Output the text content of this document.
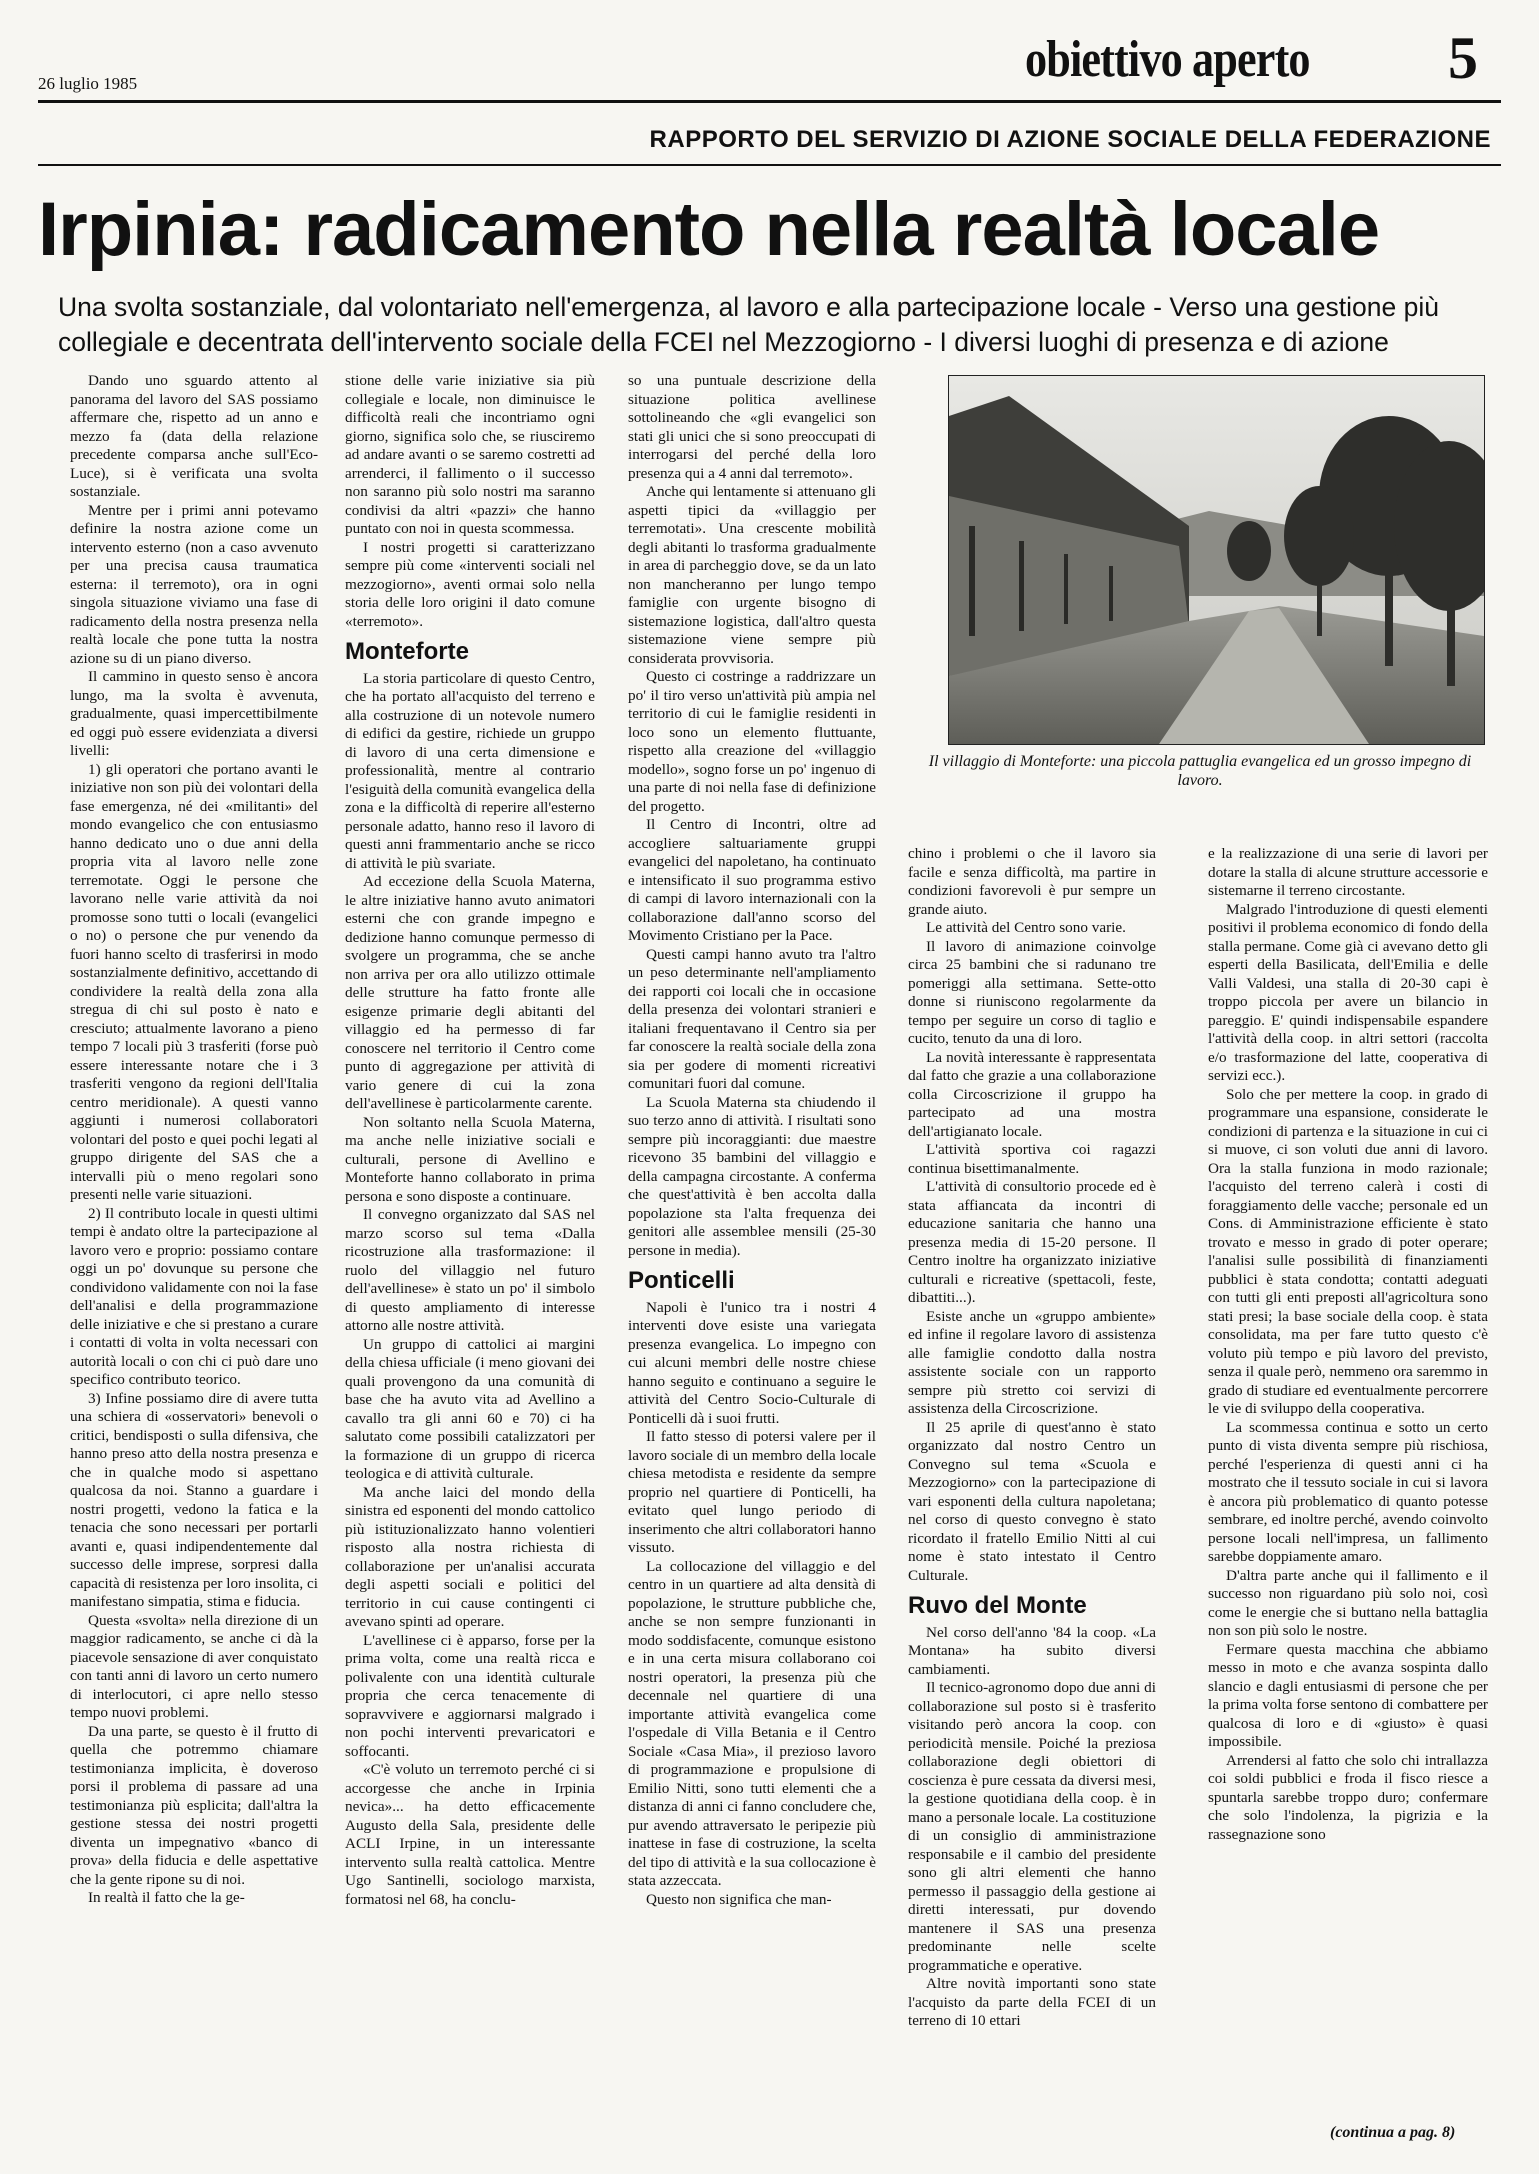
26 luglio 1985	obiettivo aperto 5
RAPPORTO DEL SERVIZIO DI AZIONE SOCIALE DELLA FEDERAZIONE
Irpinia: radicamento nella realtà locale
Una svolta sostanziale, dal volontariato nell'emergenza, al lavoro e alla partecipazione locale - Verso una gestione più collegiale e decentrata dell'intervento sociale della FCEI nel Mezzogiorno - I diversi luoghi di presenza e di azione

Dando uno sguardo attento al panorama del lavoro del SAS possiamo affermare che, rispetto ad un anno e mezzo fa (data della relazione precedente comparsa anche sull'Eco-Luce), si è verificata una svolta sostanziale.

Mentre per i primi anni potevamo definire la nostra azione come un intervento esterno (non a caso avvenuto per una precisa causa traumatica esterna: il terremoto), ora in ogni singola situazione viviamo una fase di radicamento della nostra presenza nella realtà locale che pone tutta la nostra azione su di un piano diverso.

Il cammino in questo senso è ancora lungo, ma la svolta è avvenuta, gradualmente, quasi impercettibilmente ed oggi può essere evidenziata a diversi livelli:

1) gli operatori che portano avanti le iniziative non son più dei volontari della fase emergenza, né dei «militanti» del mondo evangelico che con entusiasmo hanno dedicato uno o due anni della propria vita al lavoro nelle zone terremotate. Oggi le persone che lavorano nelle varie attività da noi promosse sono tutti o locali (evangelici o no) o persone che pur venendo da fuori hanno scelto di trasferirsi in modo sostanzialmente definitivo, accettando di condividere la realtà della zona alla stregua di chi sul posto è nato e cresciuto; attualmente lavorano a pieno tempo 7 locali più 3 trasferiti (forse può essere interessante notare che i 3 trasferiti vengono da regioni dell'Italia centro meridionale). A questi vanno aggiunti i numerosi collaboratori volontari del posto e quei pochi legati al gruppo dirigente del SAS che a intervalli più o meno regolari sono presenti nelle varie situazioni.

2) Il contributo locale in questi ultimi tempi è andato oltre la partecipazione al lavoro vero e proprio: possiamo contare oggi un po' dovunque su persone che condividono validamente con noi la fase dell'analisi e della programmazione delle iniziative e che si prestano a curare i contatti di volta in volta necessari con autorità locali o con chi ci può dare uno specifico contributo teorico.

3) Infine possiamo dire di avere tutta una schiera di «osservatori» benevoli o critici, bendisposti o sulla difensiva, che hanno preso atto della nostra presenza e che in qualche modo si aspettano qualcosa da noi. Stanno a guardare i nostri progetti, vedono la fatica e la tenacia che sono necessari per portarli avanti e, quasi indipendentemente dal successo delle imprese, sorpresi dalla capacità di resistenza per loro insolita, ci manifestano simpatia, stima e fiducia.

Questa «svolta» nella direzione di un maggior radicamento, se anche ci dà la piacevole sensazione di aver conquistato con tanti anni di lavoro un certo numero di interlocutori, ci apre nello stesso tempo nuovi problemi.

Da una parte, se questo è il frutto di quella che potremmo chiamare testimonianza implicita, è doveroso porsi il problema di passare ad una testimonianza più esplicita; dall'altra la gestione stessa dei nostri progetti diventa un impegnativo «banco di prova» della fiducia e delle aspettative che la gente ripone su di noi.

In realtà il fatto che la ge-

stione delle varie iniziative sia più collegiale e locale, non diminuisce le difficoltà reali che incontriamo ogni giorno, significa solo che, se riusciremo ad andare avanti o se saremo costretti ad arrenderci, il fallimento o il successo non saranno più solo nostri ma saranno condivisi da altri «pazzi» che hanno puntato con noi in questa scommessa.

I nostri progetti si caratterizzano sempre più come «interventi sociali nel mezzogiorno», aventi ormai solo nella storia delle loro origini il dato comune «terremoto».

Monteforte

La storia particolare di questo Centro, che ha portato all'acquisto del terreno e alla costruzione di un notevole numero di edifici da gestire, richiede un gruppo di lavoro di una certa dimensione e professionalità, mentre al contrario l'esiguità della comunità evangelica della zona e la difficoltà di reperire all'esterno personale adatto, hanno reso il lavoro di questi anni frammentario anche se ricco di attività le più svariate.

Ad eccezione della Scuola Materna, le altre iniziative hanno avuto animatori esterni che con grande impegno e dedizione hanno comunque permesso di svolgere un programma, che se anche non arriva per ora allo utilizzo ottimale delle strutture ha fatto fronte alle esigenze primarie degli abitanti del villaggio ed ha permesso di far conoscere nel territorio il Centro come punto di aggregazione per attività di vario genere di cui la zona dell'avellinese è particolarmente carente.

Non soltanto nella Scuola Materna, ma anche nelle iniziative sociali e culturali, persone di Avellino e Monteforte hanno collaborato in prima persona e sono disposte a continuare.

Il convegno organizzato dal SAS nel marzo scorso sul tema «Dalla ricostruzione alla trasformazione: il ruolo del villaggio nel futuro dell'avellinese» è stato un po' il simbolo di questo ampliamento di interesse attorno alle nostre attività.

Un gruppo di cattolici ai margini della chiesa ufficiale (i meno giovani dei quali provengono da una comunità di base che ha avuto vita ad Avellino a cavallo tra gli anni 60 e 70) ci ha salutato come possibili catalizzatori per la formazione di un gruppo di ricerca teologica e di attività culturale.

Ma anche laici del mondo della sinistra ed esponenti del mondo cattolico più istituzionalizzato hanno volentieri risposto alla nostra richiesta di collaborazione per un'analisi accurata degli aspetti sociali e politici del territorio in cui cause contingenti ci avevano spinti ad operare.

L'avellinese ci è apparso, forse per la prima volta, come una realtà ricca e polivalente con una identità culturale propria che cerca tenacemente di sopravvivere e aggiornarsi malgrado i non pochi interventi prevaricatori e soffocanti.

«C'è voluto un terremoto perché ci si accorgesse che anche in Irpinia nevica»... ha detto efficacemente Augusto della Sala, presidente delle ACLI Irpine, in un interessante intervento sulla realtà cattolica. Mentre Ugo Santinelli, sociologo marxista, formatosi nel 68, ha conclu-

so una puntuale descrizione della situazione politica avellinese sottolineando che «gli evangelici son stati gli unici che si sono preoccupati di interrogarsi del perché della loro presenza qui a 4 anni dal terremoto».

Anche qui lentamente si attenuano gli aspetti tipici da «villaggio per terremotati». Una crescente mobilità degli abitanti lo trasforma gradualmente in area di parcheggio dove, se da un lato non mancheranno per lungo tempo famiglie con urgente bisogno di sistemazione logistica, dall'altro questa sistemazione viene sempre più considerata provvisoria.

Questo ci costringe a raddrizzare un po' il tiro verso un'attività più ampia nel territorio di cui le famiglie residenti in loco sono un elemento fluttuante, rispetto alla creazione del «villaggio modello», sogno forse un po' ingenuo di una parte di noi nella fase di definizione del progetto.

Il Centro di Incontri, oltre ad accogliere saltuariamente gruppi evangelici del napoletano, ha continuato e intensificato il suo programma estivo di campi di lavoro internazionali con la collaborazione dall'anno scorso del Movimento Cristiano per la Pace.

Questi campi hanno avuto tra l'altro un peso determinante nell'ampliamento dei rapporti coi locali che in occasione della presenza dei volontari stranieri e italiani frequentavano il Centro sia per far conoscere la realtà sociale della zona sia per godere di momenti ricreativi comunitari fuori dal comune.

La Scuola Materna sta chiudendo il suo terzo anno di attività. I risultati sono sempre più incoraggianti: due maestre ricevono 35 bambini del villaggio e della campagna circostante. A conferma che quest'attività è ben accolta dalla popolazione sta l'alta frequenza dei genitori alle assemblee mensili (25-30 persone in media).

Ponticelli

Napoli è l'unico tra i nostri 4 interventi dove esiste una variegata presenza evangelica. Lo impegno con cui alcuni membri delle nostre chiese hanno seguito e continuano a seguire le attività del Centro Socio-Culturale di Ponticelli dà i suoi frutti.

Il fatto stesso di potersi valere per il lavoro sociale di un membro della locale chiesa metodista e residente da sempre proprio nel quartiere di Ponticelli, ha evitato quel lungo periodo di inserimento che altri collaboratori hanno vissuto.

La collocazione del villaggio e del centro in un quartiere ad alta densità di popolazione, le strutture pubbliche che, anche se non sempre funzionanti in modo soddisfacente, comunque esistono e in una certa misura collaborano coi nostri operatori, la presenza più che decennale nel quartiere di una importante attività evangelica come l'ospedale di Villa Betania e il Centro Sociale «Casa Mia», il prezioso lavoro di programmazione e propulsione di Emilio Nitti, sono tutti elementi che a distanza di anni ci fanno concludere che, pur avendo attraversato le peripezie più inattese in fase di costruzione, la scelta del tipo di attività e la sua collocazione è stata azzeccata.

Questo non significa che man-

Il villaggio di Monteforte: una piccola pattuglia evangelica ed un grosso impegno di lavoro.

chino i problemi o che il lavoro sia facile e senza difficoltà, ma partire in condizioni favorevoli è pur sempre un grande aiuto.

Le attività del Centro sono varie.

Il lavoro di animazione coinvolge circa 25 bambini che si radunano tre pomeriggi alla settimana. Sette-otto donne si riuniscono regolarmente da tempo per seguire un corso di taglio e cucito, tenuto da una di loro.

La novità interessante è rappresentata dal fatto che grazie a una collaborazione colla Circoscrizione il gruppo ha partecipato ad una mostra dell'artigianato locale.

L'attività sportiva coi ragazzi continua bisettimanalmente.

L'attività di consultorio procede ed è stata affiancata da incontri di educazione sanitaria che hanno una presenza media di 15-20 persone. Il Centro inoltre ha organizzato iniziative culturali e ricreative (spettacoli, feste, dibattiti...).

Esiste anche un «gruppo ambiente» ed infine il regolare lavoro di assistenza alle famiglie condotto dalla nostra assistente sociale con un rapporto sempre più stretto coi servizi di assistenza della Circoscrizione.

Il 25 aprile di quest'anno è stato organizzato dal nostro Centro un Convegno sul tema «Scuola e Mezzogiorno» con la partecipazione di vari esponenti della cultura napoletana; nel corso di questo convegno è stato ricordato il fratello Emilio Nitti al cui nome è stato intestato il Centro Culturale.

Ruvo del Monte

Nel corso dell'anno '84 la coop. «La Montana» ha subito diversi cambiamenti.

Il tecnico-agronomo dopo due anni di collaborazione sul posto si è trasferito visitando però ancora la coop. con periodicità mensile. Poiché la preziosa collaborazione degli obiettori di coscienza è pure cessata da diversi mesi, la gestione quotidiana della coop. è in mano a personale locale. La costituzione di un consiglio di amministrazione responsabile e il cambio del presidente sono gli altri elementi che hanno permesso il passaggio della gestione ai diretti interessati, pur dovendo mantenere il SAS una presenza predominante nelle scelte programmatiche e operative.

Altre novità importanti sono state l'acquisto da parte della FCEI di un terreno di 10 ettari

e la realizzazione di una serie di lavori per dotare la stalla di alcune strutture accessorie e sistemarne il terreno circostante.

Malgrado l'introduzione di questi elementi positivi il problema economico di fondo della stalla permane. Come già ci avevano detto gli esperti della Basilicata, dell'Emilia e delle Valli Valdesi, una stalla di 20-30 capi è troppo piccola per avere un bilancio in pareggio. E' quindi indispensabile espandere l'attività della coop. in altri settori (raccolta e/o trasformazione del latte, cooperativa di servizi ecc.).

Solo che per mettere la coop. in grado di programmare una espansione, considerate le condizioni di partenza e la situazione in cui ci si muove, ci son voluti due anni di lavoro. Ora la stalla funziona in modo razionale; l'acquisto del terreno calerà i costi di foraggiamento delle vacche; personale ed un Cons. di Amministrazione efficiente è stato trovato e messo in grado di poter operare; l'analisi sulle possibilità di finanziamenti pubblici è stata condotta; contatti adeguati con tutti gli enti preposti all'agricoltura sono stati presi; la base sociale della coop. è stata consolidata, ma per fare tutto questo c'è voluto più tempo e più lavoro del previsto, senza il quale però, nemmeno ora saremmo in grado di studiare ed eventualmente percorrere le vie di sviluppo della cooperativa.

La scommessa continua e sotto un certo punto di vista diventa sempre più rischiosa, perché l'esperienza di questi anni ci ha mostrato che il tessuto sociale in cui si lavora è ancora più problematico di quanto potesse sembrare, ed inoltre perché, avendo coinvolto persone locali nell'impresa, un fallimento sarebbe doppiamente amaro.

D'altra parte anche qui il fallimento e il successo non riguardano più solo noi, così come le energie che si buttano nella battaglia non son più solo le nostre.

Fermare questa macchina che abbiamo messo in moto e che avanza sospinta dallo slancio e dagli entusiasmi di persone che per la prima volta forse sentono di combattere per qualcosa di loro e di «giusto» è quasi impossibile.

Arrendersi al fatto che solo chi intrallazza coi soldi pubblici e froda il fisco riesce a spuntarla sarebbe troppo duro; confermare che solo l'indolenza, la pigrizia e la rassegnazione sono

(continua a pag. 8)
